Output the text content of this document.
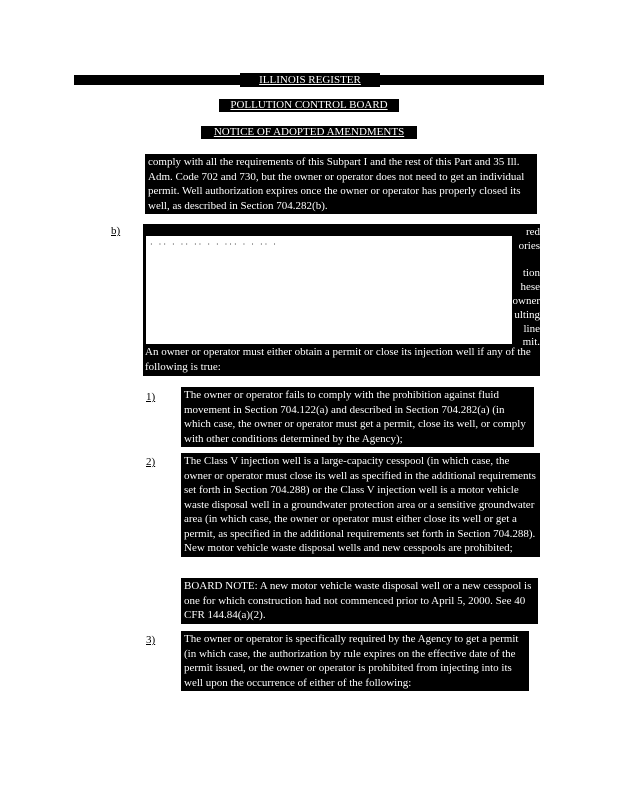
ILLINOIS REGISTER
POLLUTION CONTROL BOARD
NOTICE OF ADOPTED AMENDMENTS
comply with all the requirements of this Subpart I and the rest of this Part and 35 Ill. Adm. Code 702 and 730, but the owner or operator does not need to get an individual permit. Well authorization expires once the owner or operator has properly closed its well, as described in Section 704.282(b).
b)
· ·· · ·· ·· · · ··· · · ·· ·
red
ories
tion
hese
owner
ulting
line
mit.
An owner or operator must either obtain a permit or close its injection well if any of the following is true:
1)	The owner or operator fails to comply with the prohibition against fluid movement in Section 704.122(a) and described in Section 704.282(a) (in which case, the owner or operator must get a permit, close its well, or comply with other conditions determined by the Agency);
2)	The Class V injection well is a large-capacity cesspool (in which case, the owner or operator must close its well as specified in the additional requirements set forth in Section 704.288) or the Class V injection well is a motor vehicle waste disposal well in a groundwater protection area or a sensitive groundwater area (in which case, the owner or operator must either close its well or get a permit, as specified in the additional requirements set forth in Section 704.288). New motor vehicle waste disposal wells and new cesspools are prohibited;
BOARD NOTE: A new motor vehicle waste disposal well or a new cesspool is one for which construction had not commenced prior to April 5, 2000. See 40 CFR 144.84(a)(2).
3)	The owner or operator is specifically required by the Agency to get a permit (in which case, the authorization by rule expires on the effective date of the permit issued, or the owner or operator is prohibited from injecting into its well upon the occurrence of either of the following:
